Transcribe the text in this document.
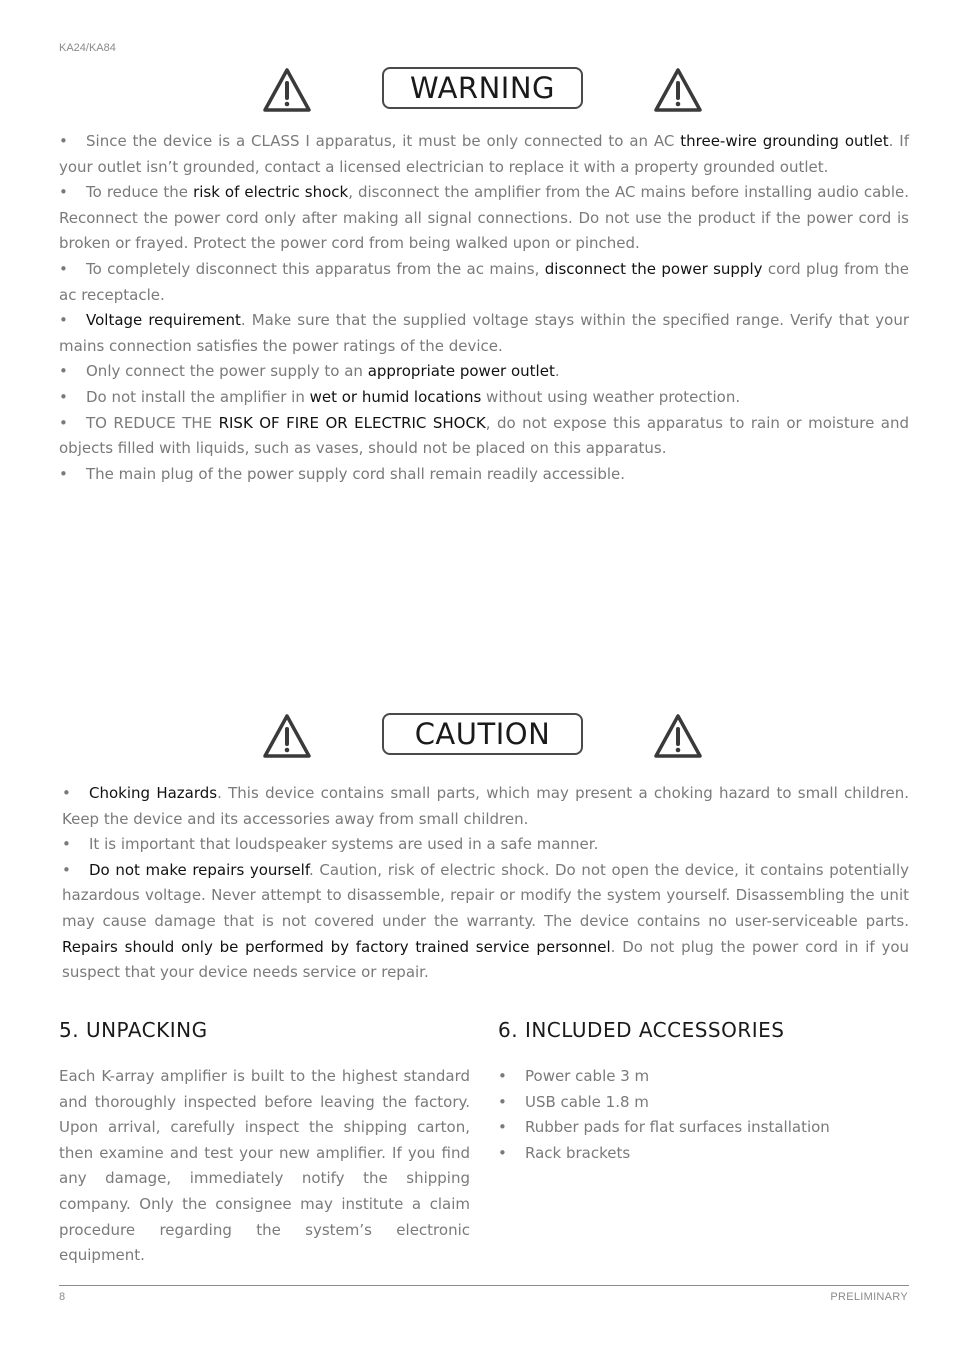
KA24/KA84
WARNING

• Since the device is a CLASS I apparatus, it must be only connected to an AC three-wire grounding outlet. If your outlet isn’t grounded, contact a licensed electrician to replace it with a property grounded outlet.

• To reduce the risk of electric shock, disconnect the amplifier from the AC mains before installing audio cable. Reconnect the power cord only after making all signal connections. Do not use the product if the power cord is broken or frayed. Protect the power cord from being walked upon or pinched.

• To completely disconnect this apparatus from the ac mains, disconnect the power supply cord plug from the ac receptacle.

• Voltage requirement. Make sure that the supplied voltage stays within the specified range. Verify that your mains connection satisfies the power ratings of the device.

• Only connect the power supply to an appropriate power outlet.

• Do not install the amplifier in wet or humid locations without using weather protection.

• TO REDUCE THE RISK OF FIRE OR ELECTRIC SHOCK, do not expose this apparatus to rain or moisture and objects filled with liquids, such as vases, should not be placed on this apparatus.

• The main plug of the power supply cord shall remain readily accessible.

CAUTION

• Choking Hazards. This device contains small parts, which may present a choking hazard to small children. Keep the device and its accessories away from small children.

• It is important that loudspeaker systems are used in a safe manner.

• Do not make repairs yourself. Caution, risk of electric shock. Do not open the device, it contains potentially hazardous voltage. Never attempt to disassemble, repair or modify the system yourself. Disassembling the unit may cause damage that is not covered under the warranty. The device contains no user-serviceable parts. Repairs should only be performed by factory trained service personnel. Do not plug the power cord in if you suspect that your device needs service or repair.

5. UNPACKING

Each K-array amplifier is built to the highest standard and thoroughly inspected before leaving the factory. Upon arrival, carefully inspect the shipping carton, then examine and test your new amplifier. If you find any damage, immediately notify the shipping company. Only the consignee may institute a claim procedure regarding the system’s electronic equipment.

6. INCLUDED ACCESSORIES
• Power cable 3 m
• USB cable 1.8 m
• Rubber pads for flat surfaces installation
• Rack brackets
8	PRELIMINARY
